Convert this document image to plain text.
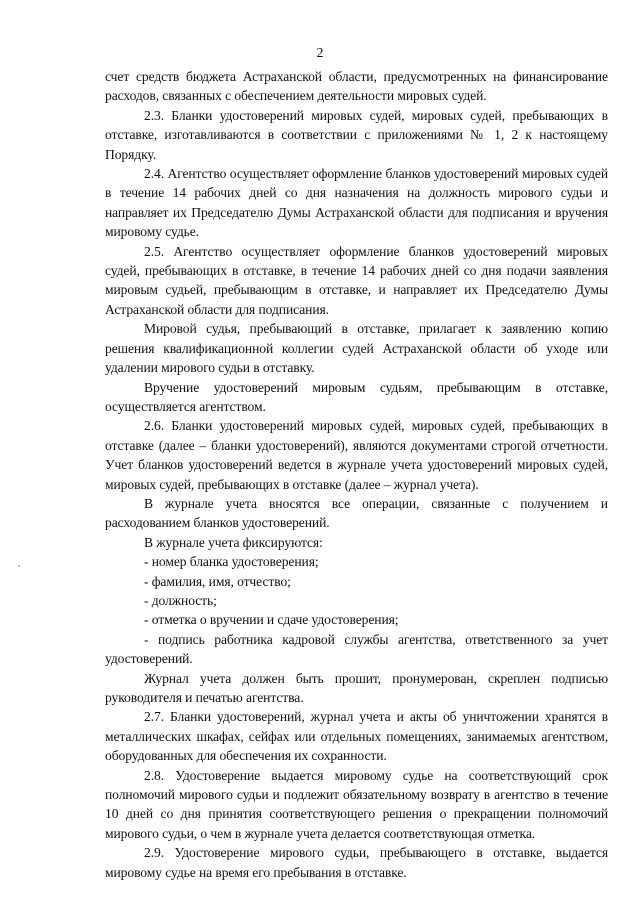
2

счет средств бюджета Астраханской области, предусмотренных на финансирование расходов, связанных с обеспечением деятельности мировых судей.

2.3. Бланки удостоверений мировых судей, мировых судей, пребывающих в отставке, изготавливаются в соответствии с приложениями № 1, 2 к настоящему Порядку.

2.4. Агентство осуществляет оформление бланков удостоверений мировых судей в течение 14 рабочих дней со дня назначения на должность мирового судьи и направляет их Председателю Думы Астраханской области для подписания и вручения мировому судье.

2.5. Агентство осуществляет оформление бланков удостоверений мировых судей, пребывающих в отставке, в течение 14 рабочих дней со дня подачи заявления мировым судьей, пребывающим в отставке, и направляет их Председателю Думы Астраханской области для подписания.

Мировой судья, пребывающий в отставке, прилагает к заявлению копию решения квалификационной коллегии судей Астраханской области об уходе или удалении мирового судьи в отставку.

Вручение удостоверений мировым судьям, пребывающим в отставке, осуществляется агентством.

2.6. Бланки удостоверений мировых судей, мировых судей, пребывающих в отставке (далее – бланки удостоверений), являются документами строгой отчетности. Учет бланков удостоверений ведется в журнале учета удостоверений мировых судей, мировых судей, пребывающих в отставке (далее – журнал учета).

В журнале учета вносятся все операции, связанные с получением и расходованием бланков удостоверений.

В журнале учета фиксируются:

- номер бланка удостоверения;

- фамилия, имя, отчество;

- должность;

- отметка о вручении и сдаче удостоверения;

- подпись работника кадровой службы агентства, ответственного за учет удостоверений.

Журнал учета должен быть прошит, пронумерован, скреплен подписью руководителя и печатью агентства.

2.7. Бланки удостоверений, журнал учета и акты об уничтожении хранятся в металлических шкафах, сейфах или отдельных помещениях, занимаемых агентством, оборудованных для обеспечения их сохранности.

2.8. Удостоверение выдается мировому судье на соответствующий срок полномочий мирового судьи и подлежит обязательному возврату в агентство в течение 10 дней со дня принятия соответствующего решения о прекращении полномочий мирового судьи, о чем в журнале учета делается соответствующая отметка.

2.9. Удостоверение мирового судьи, пребывающего в отставке, выдается мировому судье на время его пребывания в отставке.
